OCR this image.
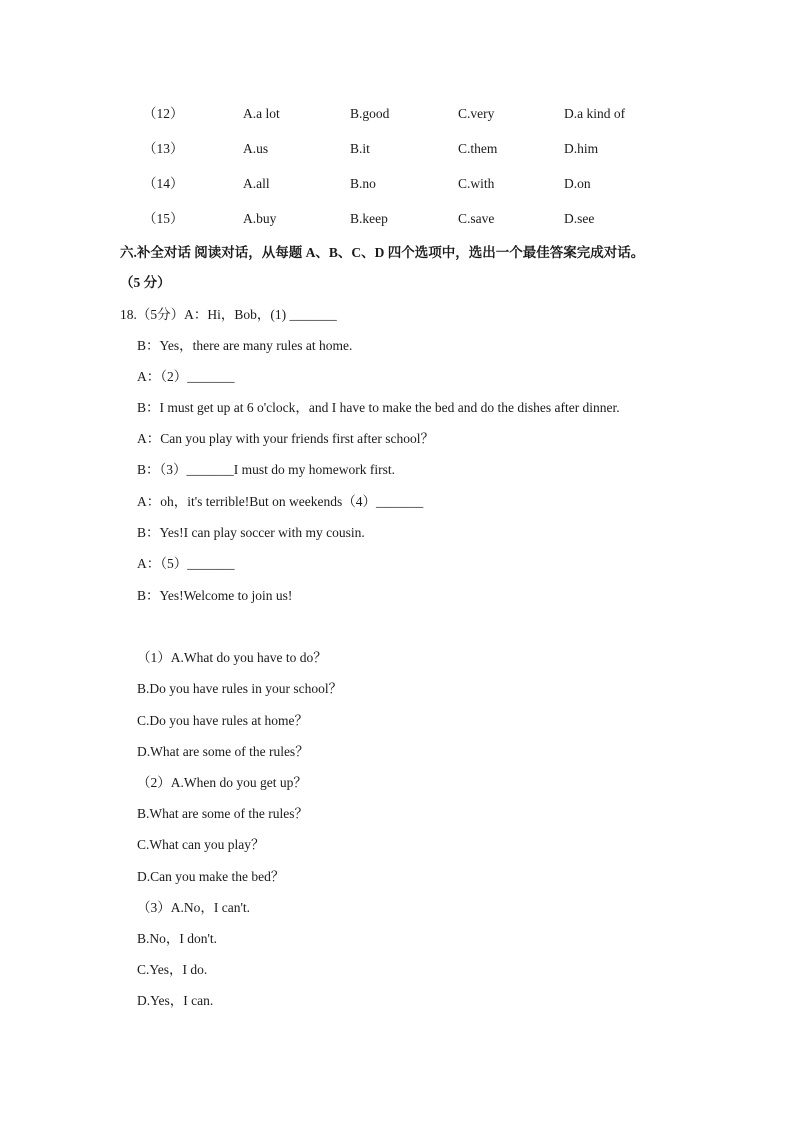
（12）	A.a lot	B.good	C.very	D.a kind of
（13）	A.us	B.it	C.them	D.him
（14）	A.all	B.no	C.with	D.on
（15）	A.buy	B.keep	C.save	D.see
六.补全对话 阅读对话，从每题 A、B、C、D 四个选项中，选出一个最佳答案完成对话。
（5 分）
18.（5分）A：Hi，Bob，(1) _______
B：Yes，there are many rules at home.
A：（2）_______
B：I must get up at 6 o'clock，and I have to make the bed and do the dishes after dinner.
A：Can you play with your friends first after school？
B：（3）_______I must do my homework first.
A：oh，it's terrible!But on weekends（4）_______
B：Yes!I can play soccer with my cousin.
A：（5）_______
B：Yes!Welcome to join us!
（1）A.What do you have to do？
B.Do you have rules in your school？
C.Do you have rules at home？
D.What are some of the rules？
（2）A.When do you get up？
B.What are some of the rules？
C.What can you play？
D.Can you make the bed？
（3）A.No，I can't.
B.No，I don't.
C.Yes，I do.
D.Yes，I can.
